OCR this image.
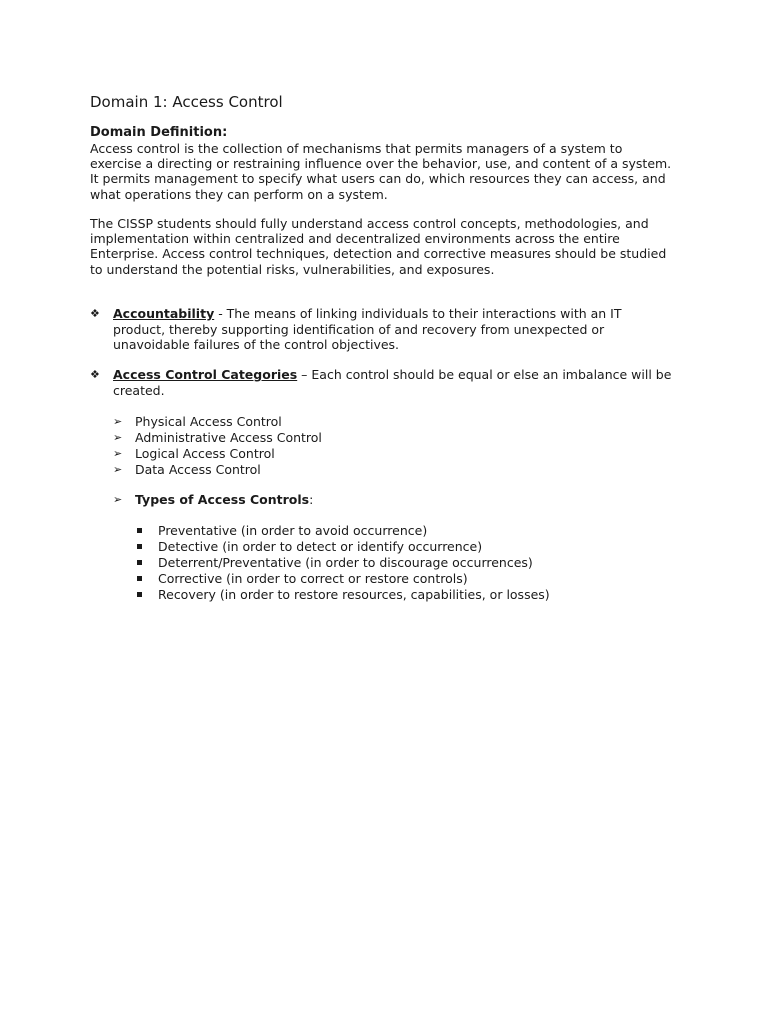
Domain 1: Access Control
Domain Definition:
Access control is the collection of mechanisms that permits managers of a system to
exercise a directing or restraining influence over the behavior, use, and content of a system.
It permits management to specify what users can do, which resources they can access, and
what operations they can perform on a system.
The CISSP students should fully understand access control concepts, methodologies, and
implementation within centralized and decentralized environments across the entire
Enterprise. Access control techniques, detection and corrective measures should be studied
to understand the potential risks, vulnerabilities, and exposures.
❖	Accountability - The means of linking individuals to their interactions with an IT
product, thereby supporting identification of and recovery from unexpected or
unavoidable failures of the control objectives.
❖	Access Control Categories – Each control should be equal or else an imbalance will be
created.
➢ Physical Access Control
➢ Administrative Access Control
➢ Logical Access Control
➢ Data Access Control
➢ Types of Access Controls:
Preventative (in order to avoid occurrence)
Detective (in order to detect or identify occurrence)
Deterrent/Preventative (in order to discourage occurrences)
Corrective (in order to correct or restore controls)
Recovery (in order to restore resources, capabilities, or losses)
